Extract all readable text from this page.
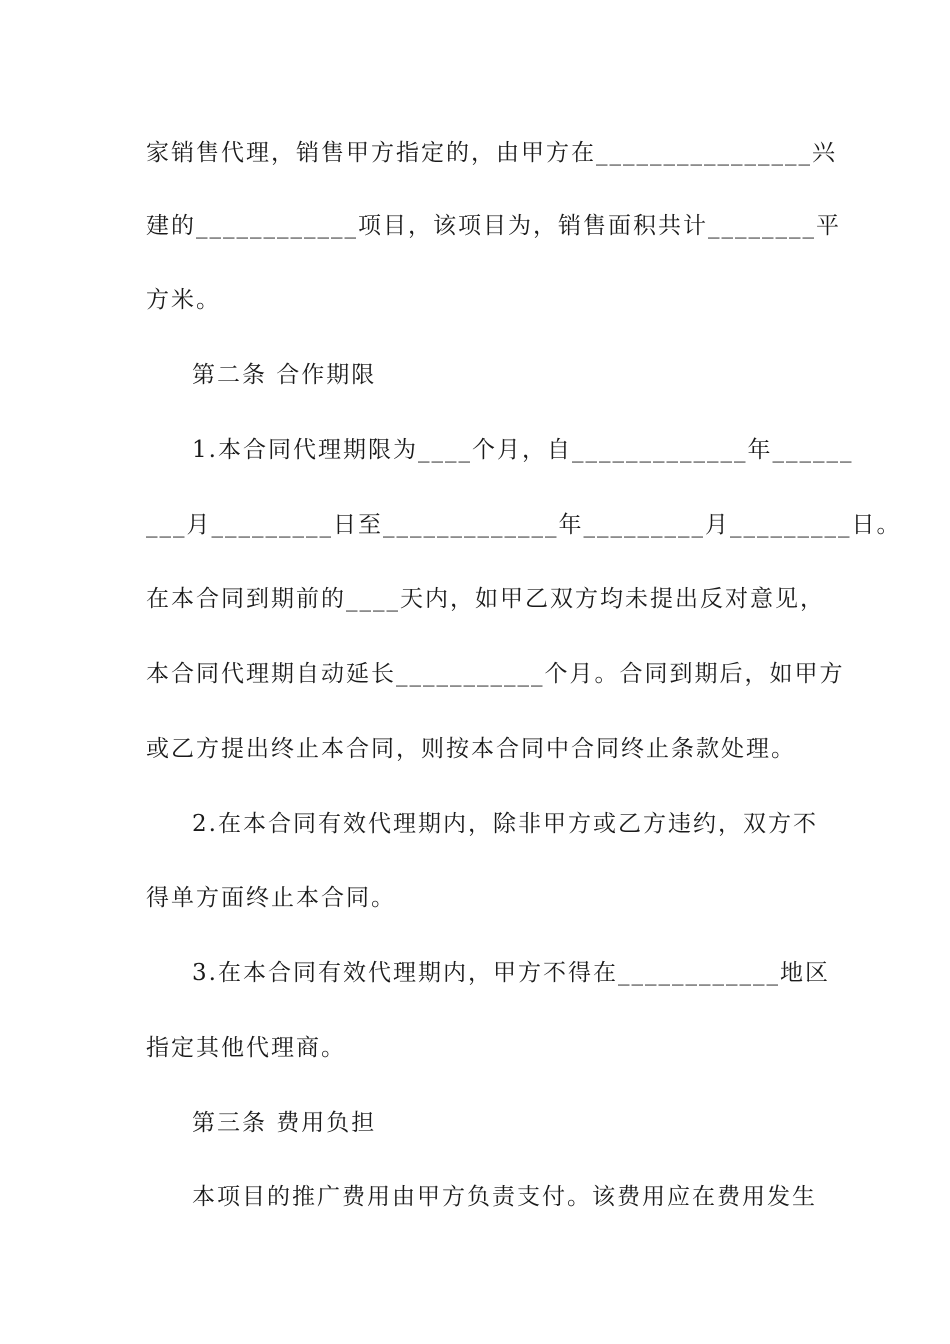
家销售代理，销售甲方指定的，由甲方在________________兴
建的____________项目，该项目为，销售面积共计________平
方米。
第二条 合作期限
1.本合同代理期限为____个月，自_____________年______
___月_________日至_____________年_________月_________日。
在本合同到期前的____天内，如甲乙双方均未提出反对意见，
本合同代理期自动延长___________个月。合同到期后，如甲方
或乙方提出终止本合同，则按本合同中合同终止条款处理。
2.在本合同有效代理期内，除非甲方或乙方违约，双方不
得单方面终止本合同。
3.在本合同有效代理期内，甲方不得在____________地区
指定其他代理商。
第三条 费用负担
本项目的推广费用由甲方负责支付。该费用应在费用发生
